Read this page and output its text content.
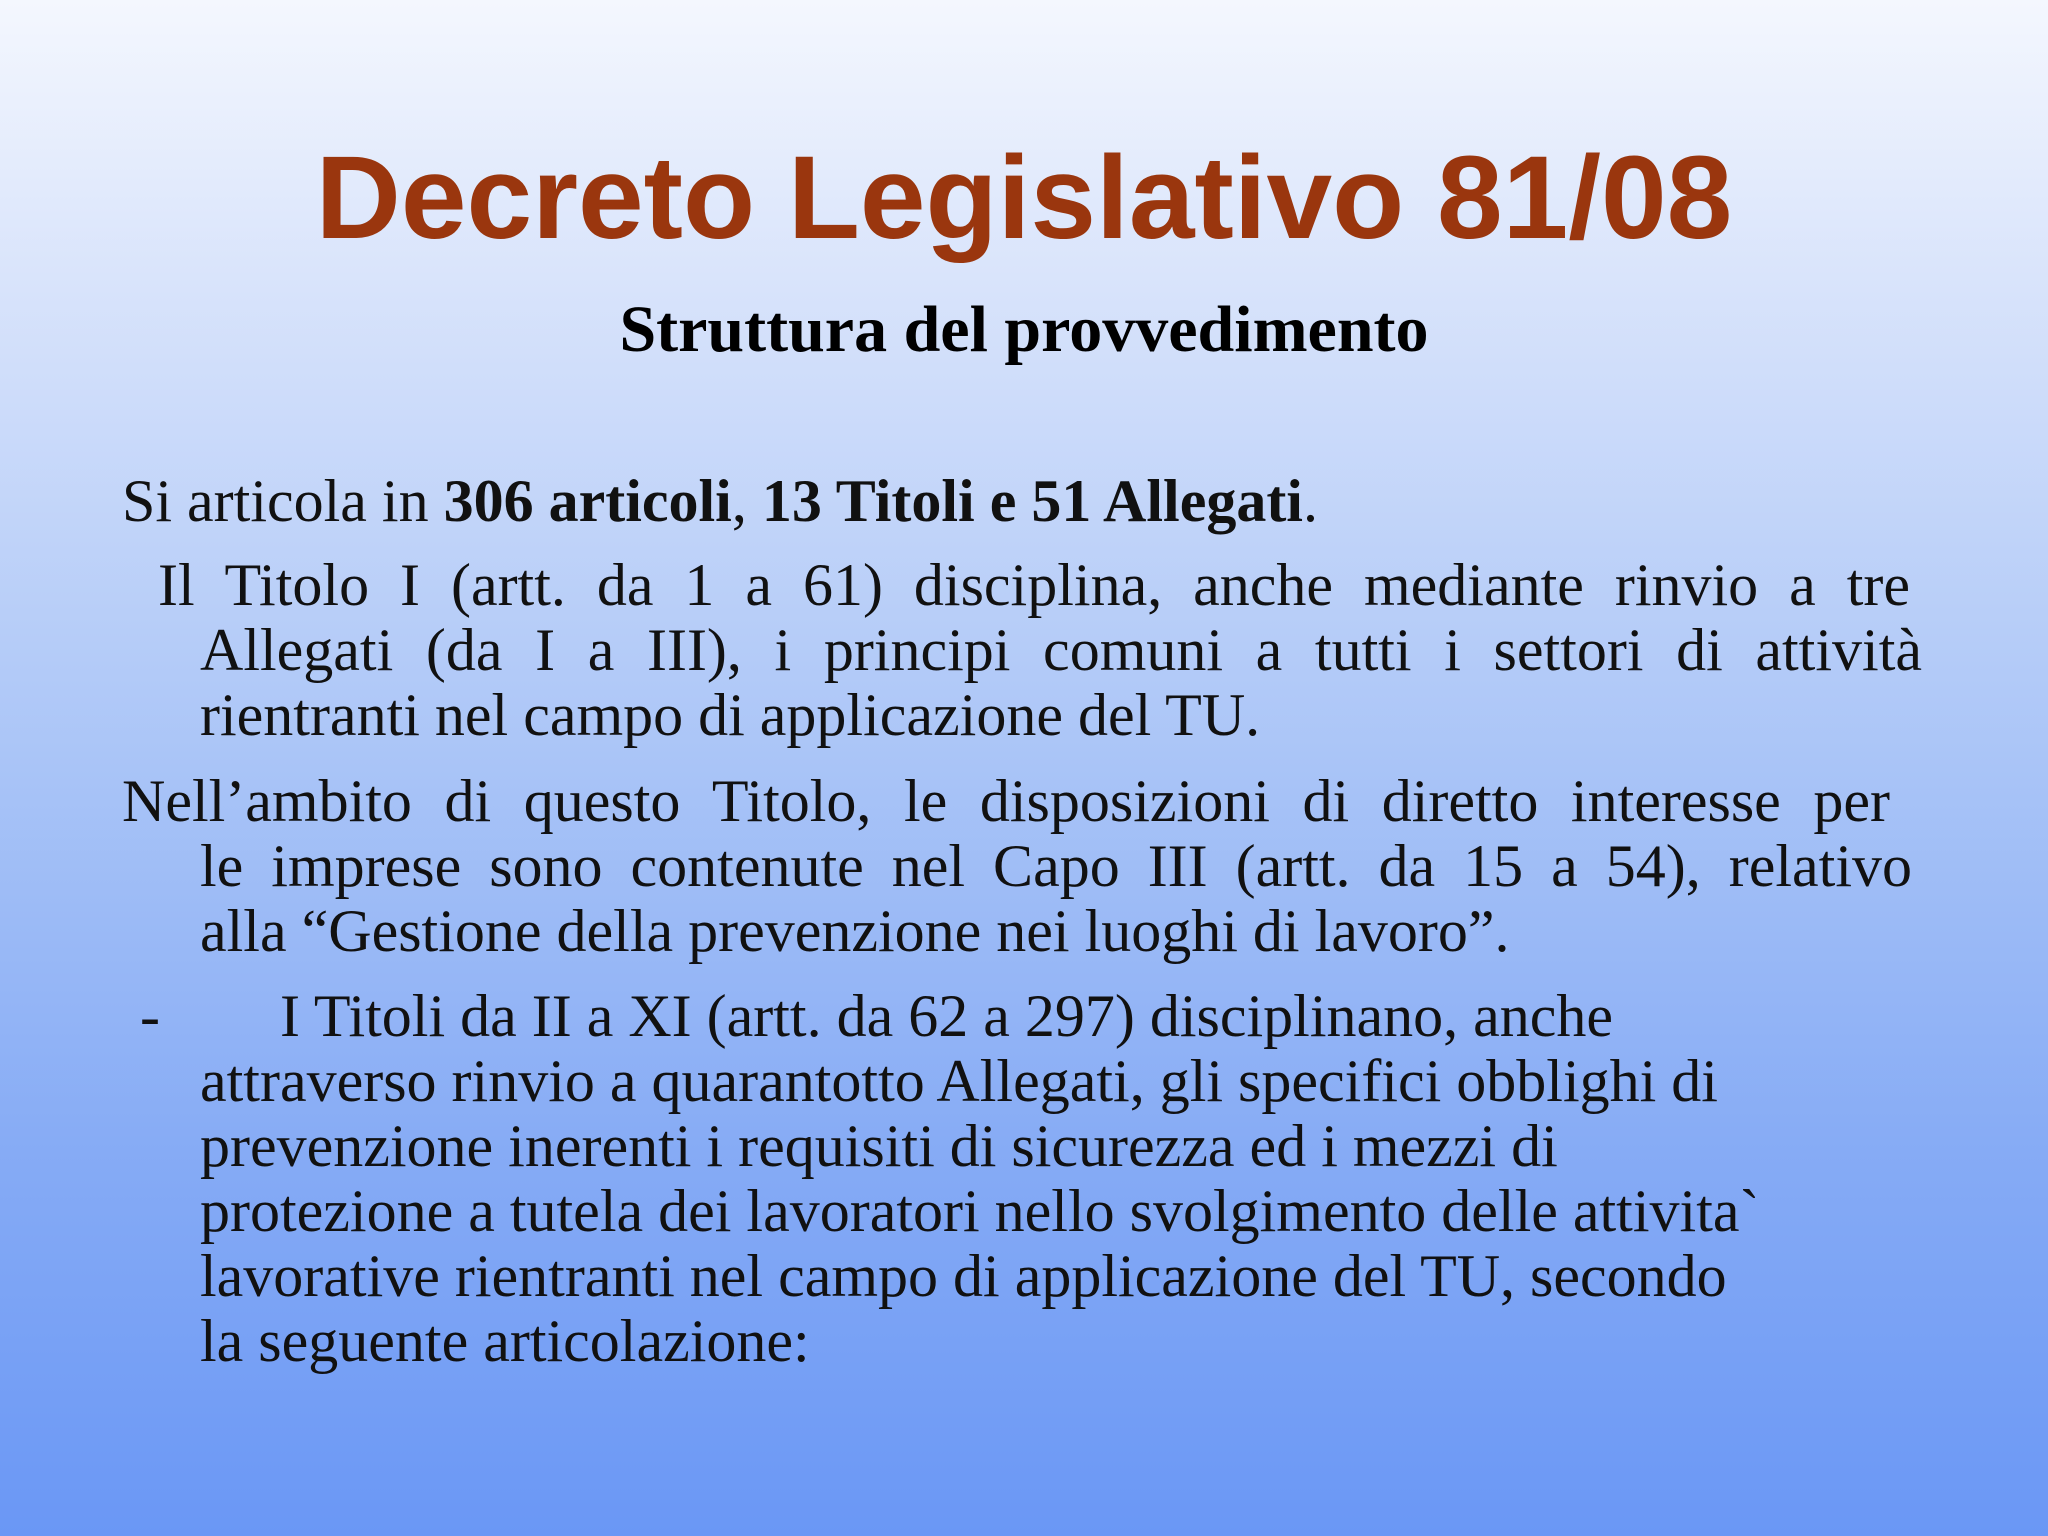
Decreto Legislativo 81/08
Struttura del provvedimento

Si articola in 306 articoli, 13 Titoli e 51 Allegati.

Il Titolo I (artt. da 1 a 61) disciplina, anche mediante rinvio a tre

Allegati (da I a III), i principi comuni a tutti i settori di attività

rientranti nel campo di applicazione del TU.

Nell’ambito di questo Titolo, le disposizioni di diretto interesse per

le imprese sono contenute nel Capo III (artt. da 15 a 54), relativo

alla “Gestione della prevenzione nei luoghi di lavoro”.

- I Titoli da II a XI (artt. da 62 a 297) disciplinano, anche

attraverso rinvio a quarantotto Allegati, gli specifici obblighi di

prevenzione inerenti i requisiti di sicurezza ed i mezzi di

protezione a tutela dei lavoratori nello svolgimento delle attivita`

lavorative rientranti nel campo di applicazione del TU, secondo

la seguente articolazione:
